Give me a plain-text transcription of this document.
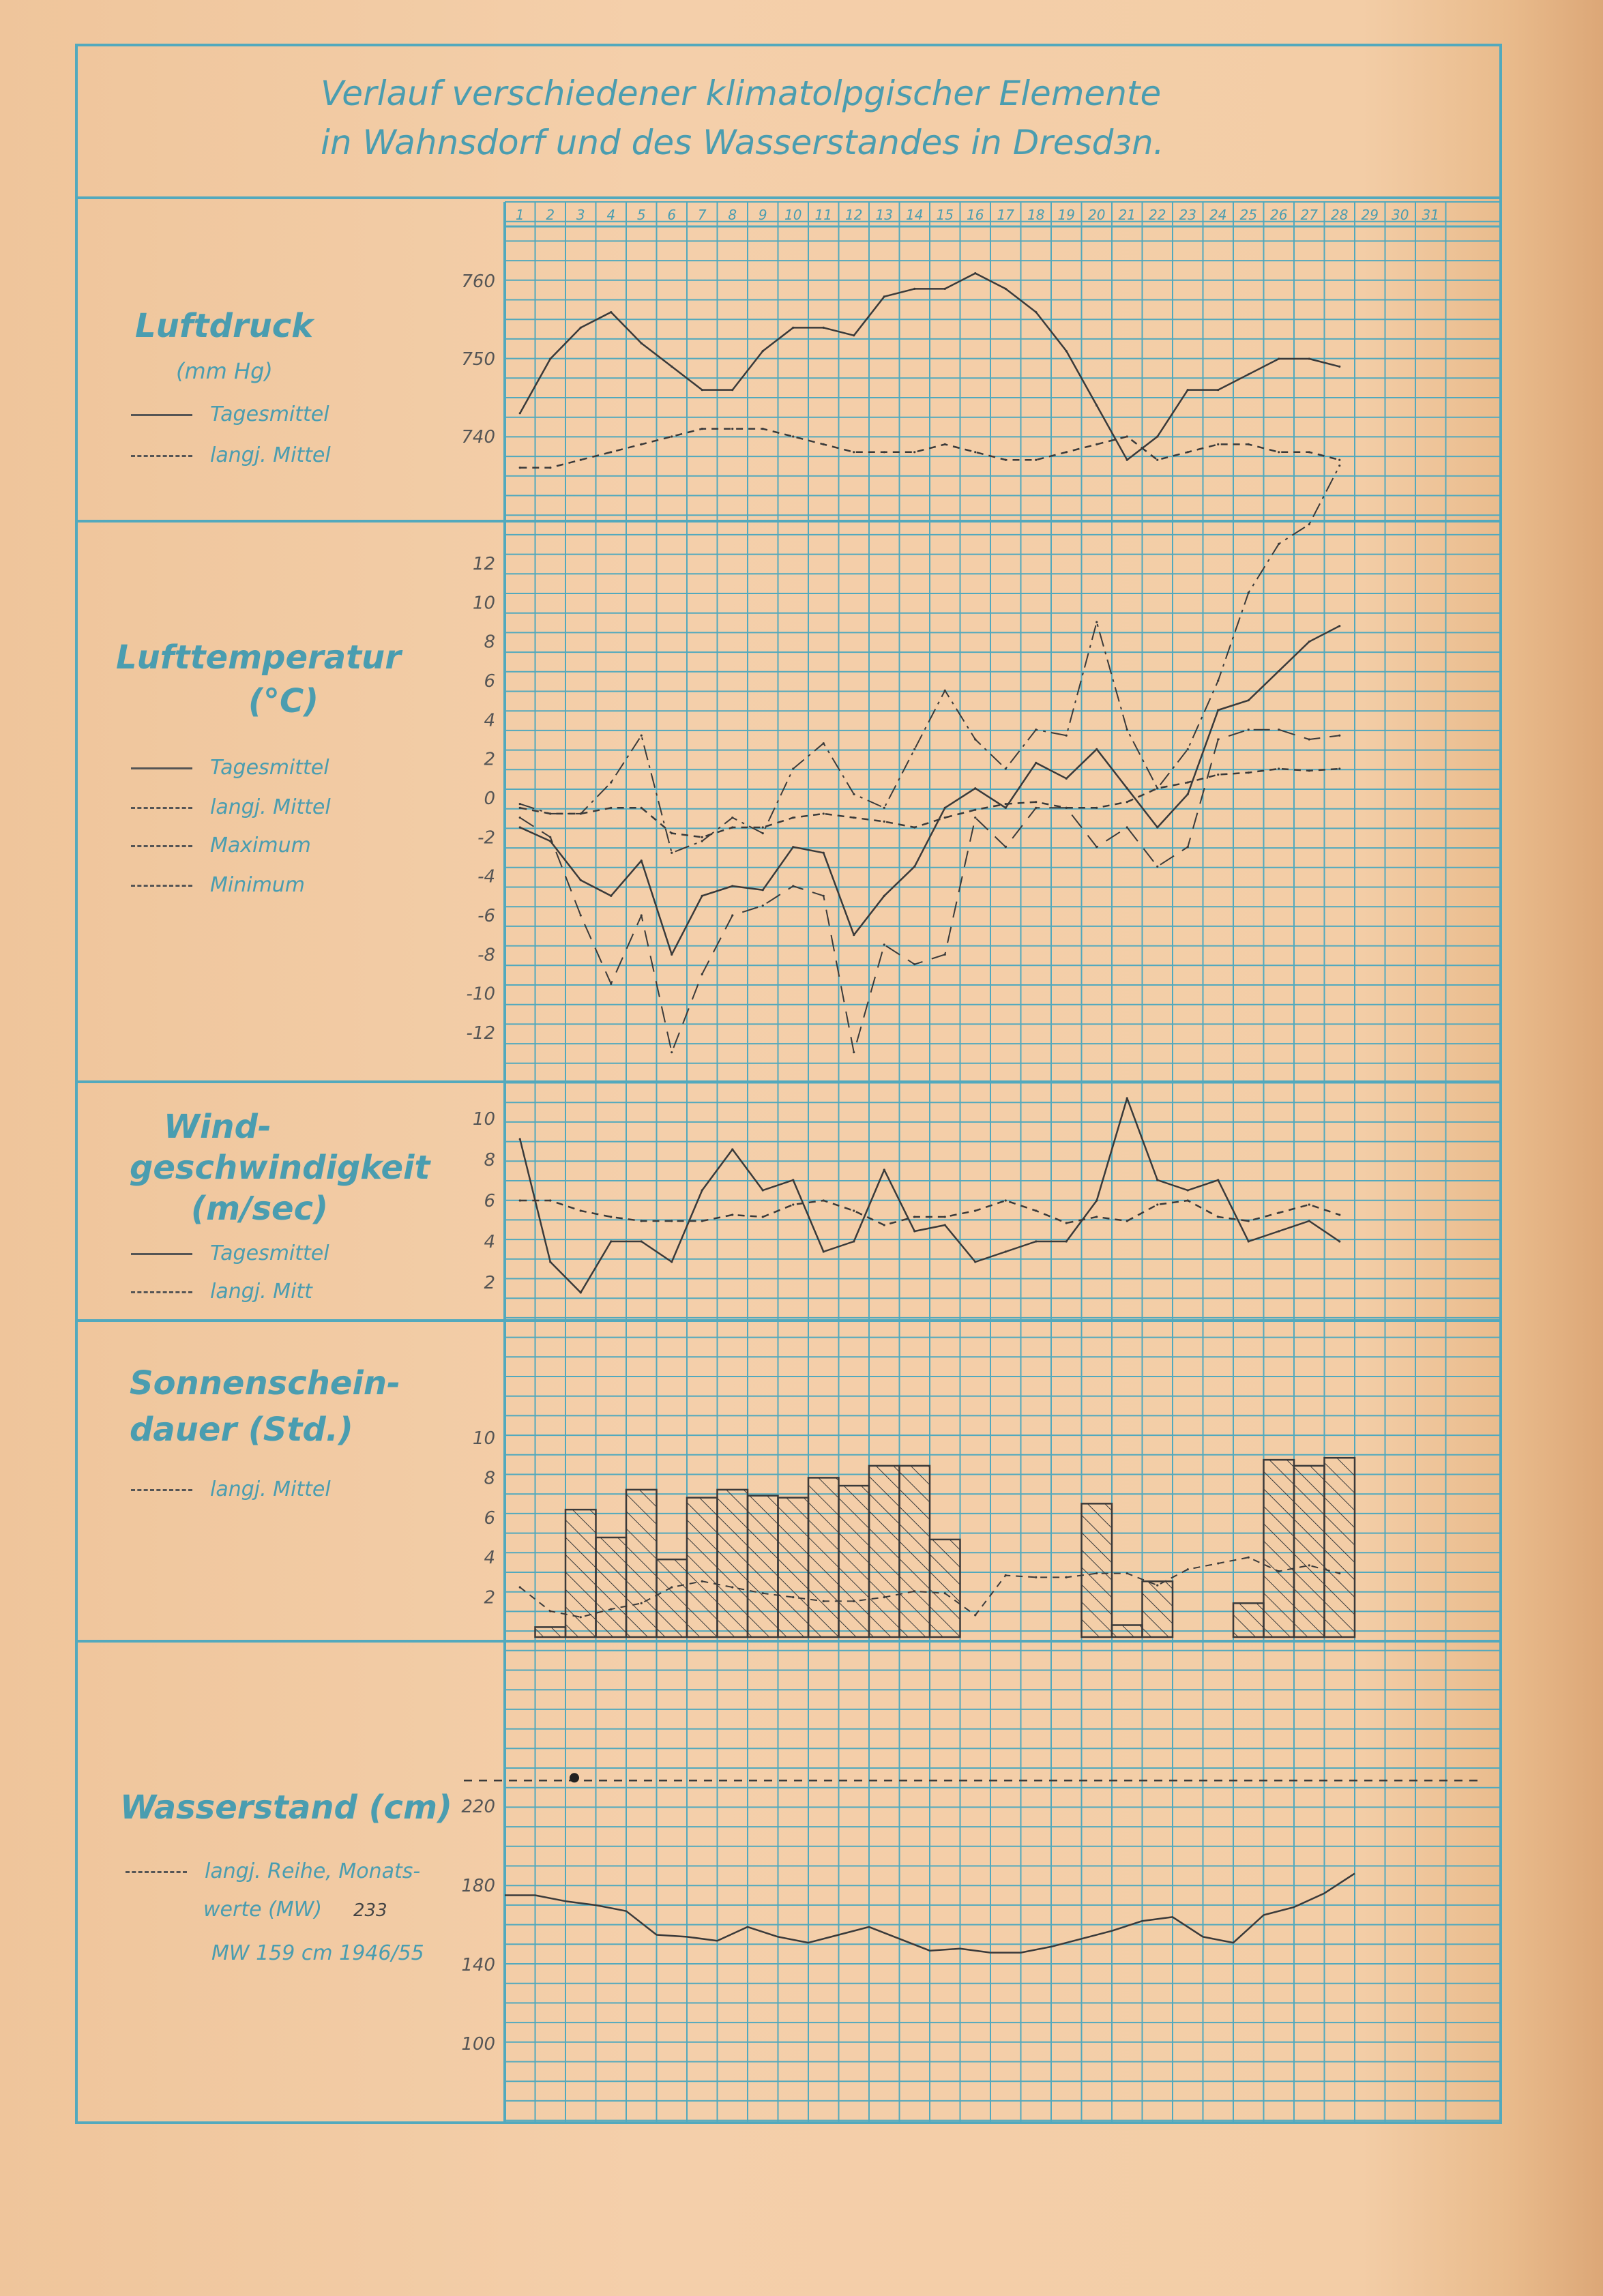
1 2 3 4 5 6 7 8 9 10 11 12 13 14 15 16 17 18 19 20 21 22 23 24 25 26 27 28 29 30 31
760
750
740
12
10
8
6
4
2
0
-2
-4
-6
-8
-10
-12
10
8
6
4
2
10
8
6
4
2
220
180
140
100
Verlauf verschiedener klimatolpgischer Elemente
in Wahnsdorf und des Wasserstandes in Dresdзn.
Luftdruck
(mm Hg)
Tagesmittel
langj. Mittel
Lufttemperatur
(°C)
Tagesmittel
langj. Mittel
Maximum
Minimum
Wind-
geschwindigkeit
(m/seс)
Tagesmittel
langj. Mitt
Sonnenschein-
dauer (Std.)
langj. Mittel
Wasserstand (cm)
langj. Reihe, Monats-
werte (MW) 233
MW 159 cm 1946/55
